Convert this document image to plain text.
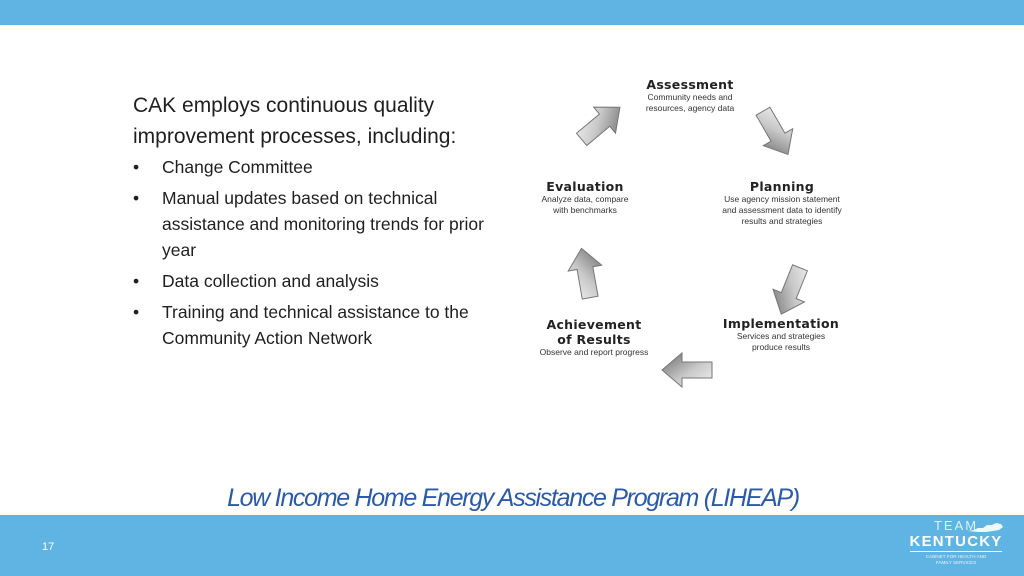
CAK employs continuous quality improvement processes, including:

• Change Committee
• Manual updates based on technical assistance and monitoring trends for prior year
• Data collection and analysis
• Training and technical assistance to the Community Action Network
Assessment
Community needs and resources, agency data
Planning
Use agency mission statement and assessment data to identify results and strategies
Implementation
Services and strategies produce results
Achievement of Results
Observe and report progress
Evaluation
Analyze data, compare with benchmarks
Low Income Home Energy Assistance Program (LIHEAP)
17
TEAM
KENTUCKY
CABINET FOR HEALTH AND
FAMILY SERVICES
